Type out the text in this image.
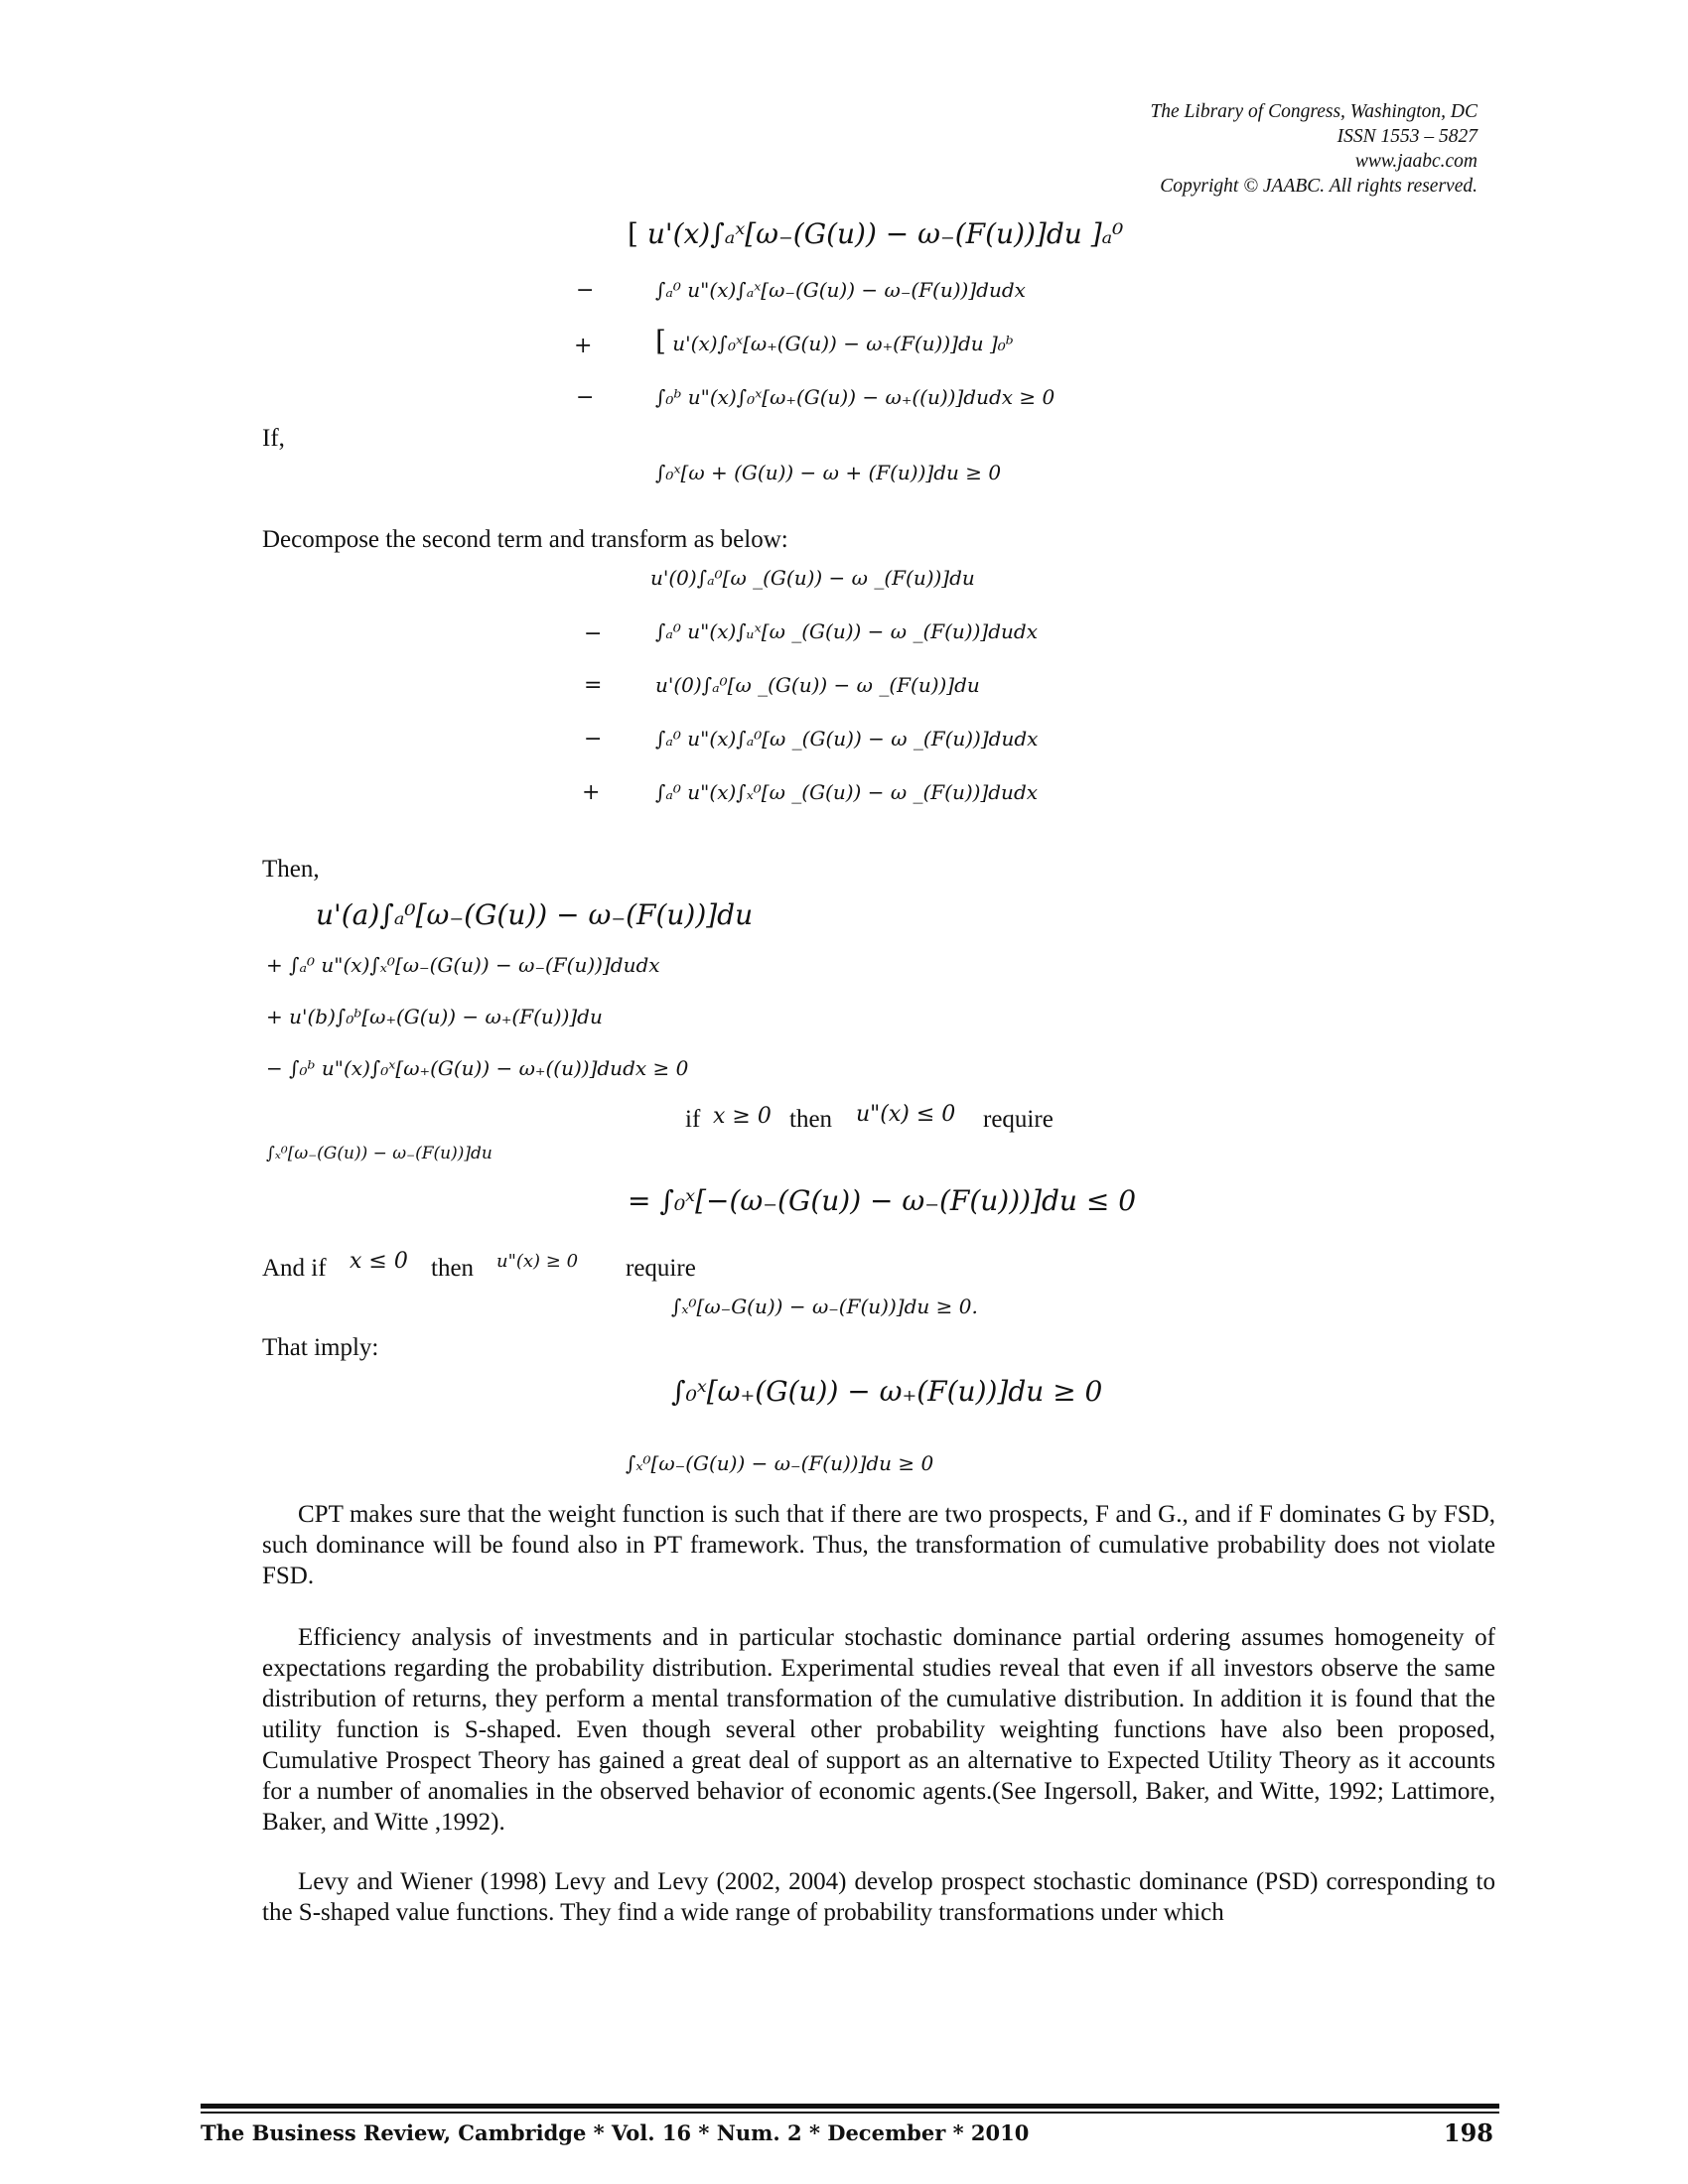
The Library of Congress, Washington, DC
ISSN 1553 – 5827
www.jaabc.com
Copyright © JAABC. All rights reserved.
[ u'(x)∫ₐˣ[ω₋(G(u)) − ω₋(F(u))]du ]ₐ⁰
−	∫ₐ⁰ u"(x)∫ₐˣ[ω₋(G(u)) − ω₋(F(u))]dudx
+ [ u'(x)∫₀ˣ[ω₊(G(u)) − ω₊(F(u))]du ]₀ᵇ
−	∫₀ᵇ u"(x)∫₀ˣ[ω₊(G(u)) − ω₊((u))]dudx ≥ 0
If,
∫₀ˣ[ω + (G(u)) − ω + (F(u))]du ≥ 0
Decompose the second term and transform as below:
u'(0)∫ₐ⁰[ω _(G(u)) − ω _(F(u))]du
−	∫ₐ⁰ u"(x)∫ᵤˣ[ω _(G(u)) − ω _(F(u))]dudx
=	u'(0)∫ₐ⁰[ω _(G(u)) − ω _(F(u))]du
−	∫ₐ⁰ u"(x)∫ₐ⁰[ω _(G(u)) − ω _(F(u))]dudx
+	∫ₐ⁰ u"(x)∫ₓ⁰[ω _(G(u)) − ω _(F(u))]dudx
Then,
u'(a)∫ₐ⁰[ω₋(G(u)) − ω₋(F(u))]du
+ ∫ₐ⁰ u"(x)∫ₓ⁰[ω₋(G(u)) − ω₋(F(u))]dudx
+ u'(b)∫₀ᵇ[ω₊(G(u)) − ω₊(F(u))]du
− ∫₀ᵇ u"(x)∫₀ˣ[ω₊(G(u)) − ω₊((u))]dudx ≥ 0
if x ≥ 0 then u"(x) ≤ 0 require
∫ₓ⁰[ω₋(G(u)) − ω₋(F(u))]du
= ∫₀ˣ[−(ω₋(G(u)) − ω₋(F(u)))]du ≤ 0
And if x ≤ 0 then u"(x) ≥ 0 require
∫ₓ⁰[ω₋G(u)) − ω₋(F(u))]du ≥ 0.
That imply:
∫₀ˣ[ω₊(G(u)) − ω₊(F(u))]du ≥ 0
∫ₓ⁰[ω₋(G(u)) − ω₋(F(u))]du ≥ 0

CPT makes sure that the weight function is such that if there are two prospects, F and G., and if F dominates G by FSD, such dominance will be found also in PT framework. Thus, the transformation of cumulative probability does not violate FSD.

Efficiency analysis of investments and in particular stochastic dominance partial ordering assumes homogeneity of expectations regarding the probability distribution. Experimental studies reveal that even if all investors observe the same distribution of returns, they perform a mental transformation of the cumulative distribution. In addition it is found that the utility function is S-shaped. Even though several other probability weighting functions have also been proposed, Cumulative Prospect Theory has gained a great deal of support as an alternative to Expected Utility Theory as it accounts for a number of anomalies in the observed behavior of economic agents.(See Ingersoll, Baker, and Witte, 1992; Lattimore, Baker, and Witte ,1992).

Levy and Wiener (1998) Levy and Levy (2002, 2004) develop prospect stochastic dominance (PSD) corresponding to the S-shaped value functions. They find a wide range of probability transformations under which

The Business Review, Cambridge * Vol. 16 * Num. 2 * December * 2010	198
